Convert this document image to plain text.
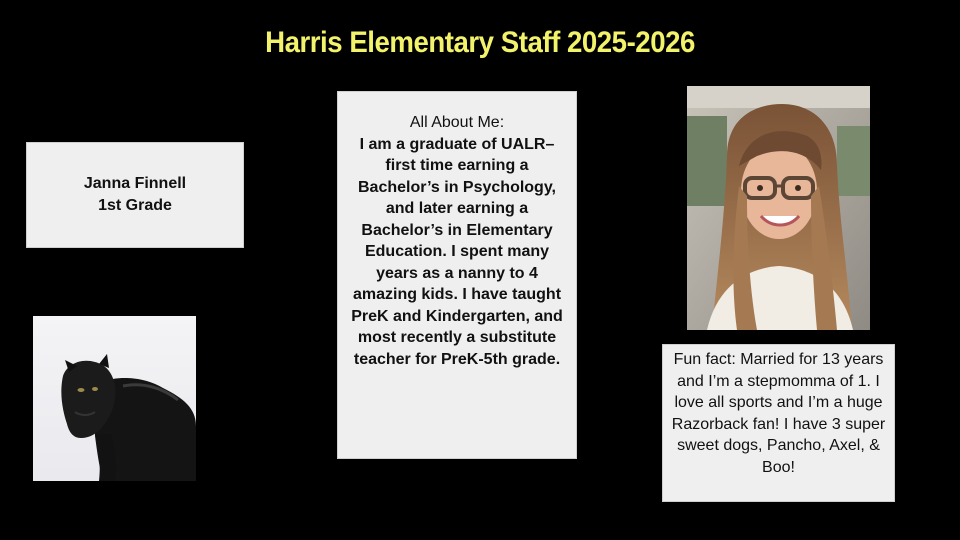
Harris Elementary Staff 2025-2026
Janna Finnell
1st Grade
All About Me:
I am a graduate of UALR–first time earning a Bachelor’s in Psychology, and later earning a Bachelor’s in Elementary Education. I spent many years as a nanny to 4 amazing kids. I have taught PreK and Kindergarten, and most recently a substitute teacher for PreK-5th grade.	Fun fact: Married for 13 years and I’m a stepmomma of 1. I love all sports and I’m a huge Razorback fan! I have 3 super sweet dogs, Pancho, Axel, & Boo!
